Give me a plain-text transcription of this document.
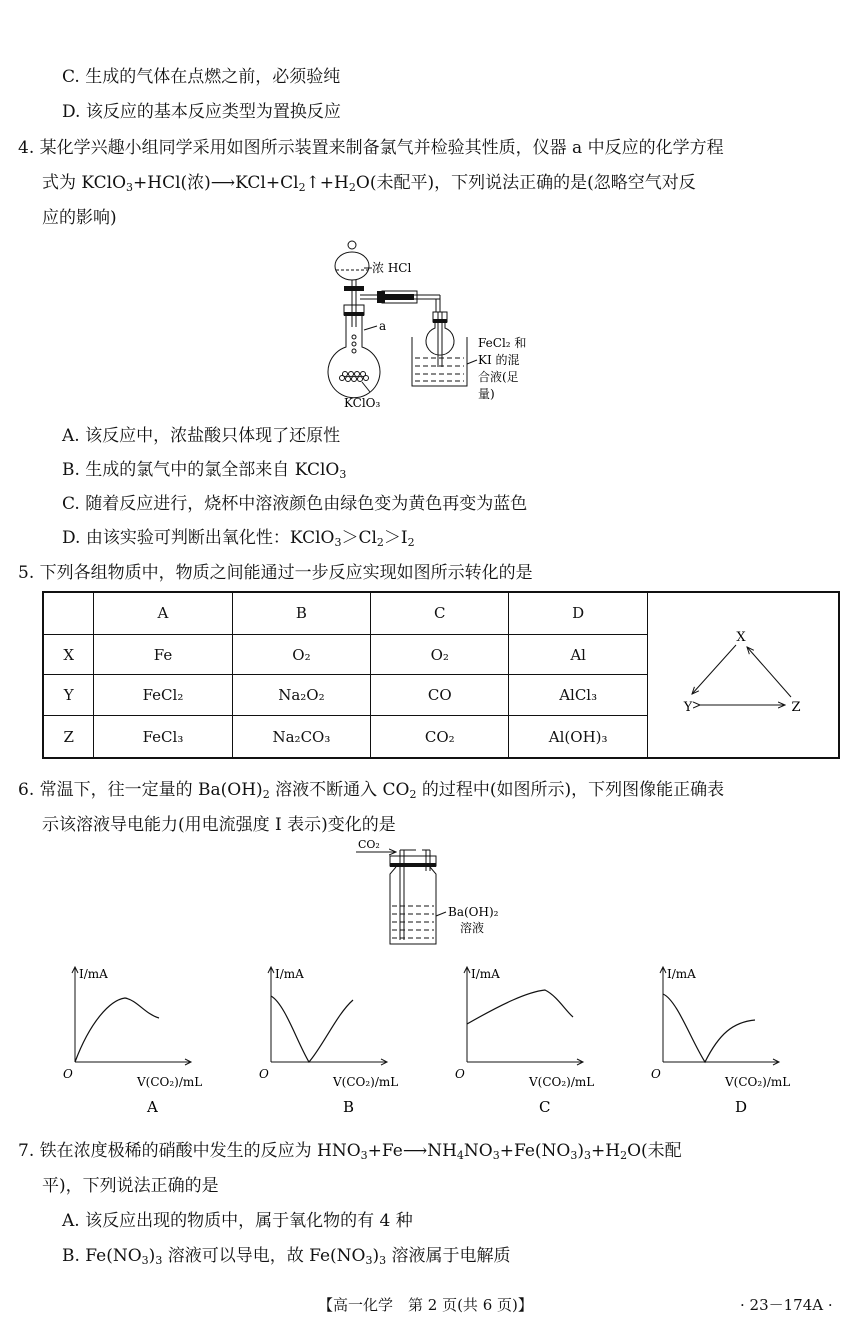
C. 生成的气体在点燃之前，必须验纯
D. 该反应的基本反应类型为置换反应
4. 某化学兴趣小组同学采用如图所示装置来制备氯气并检验其性质，仪器 a 中反应的化学方程
式为 KClO$_3$+HCl(浓)$⟶KCl+Cl_2↑+H_2O$(未配平)，下列说法正确的是(忽略空气对反
应的影响)
a
浓 HCl
KClO₃
FeCl₂ 和
KI 的混
合液(足
量)
A. 该反应中，浓盐酸只体现了还原性
B. 生成的氯气中的氯全部来自 KClO$_3$
C. 随着反应进行，烧杯中溶液颜色由绿色变为黄色再变为蓝色
D. 由该实验可判断出氧化性：$KClO_3>Cl_2>I_2$
5. 下列各组物质中，物质之间能通过一步反应实现如图所示转化的是
	A	B	C	D	X
Y Z

X	Fe	O₂	O₂	Al	
Y	FeCl₂	Na₂O₂	CO	AlCl₃	
Z	FeCl₃	Na₂CO₃	CO₂	Al(OH)₃	
6. 常温下，往一定量的 $Ba(OH)_2$ 溶液不断通入 $CO_2$ 的过程中(如图所示)，下列图像能正确表
示该溶液导电能力(用电流强度 I 表示)变化的是
CO₂
Ba(OH)₂
溶液
I/mA
O
V(CO₂)/mL
A
I/mA
O
V(CO₂)/mL
B
I/mA
O
V(CO₂)/mL
C
I/mA
O
V(CO₂)/mL
D
7. 铁在浓度极稀的硝酸中发生的反应为 $HNO_3+Fe⟶NH_4NO_3+Fe(NO_3)_3+H_2O$(未配
平)，下列说法正确的是
A. 该反应出现的物质中，属于氧化物的有 4 种
B. $Fe(NO_3)_3$ 溶液可以导电，故 $Fe(NO_3)_3$ 溶液属于电解质
【高一化学　第 2 页(共 6 页)】	· 23－174A ·
